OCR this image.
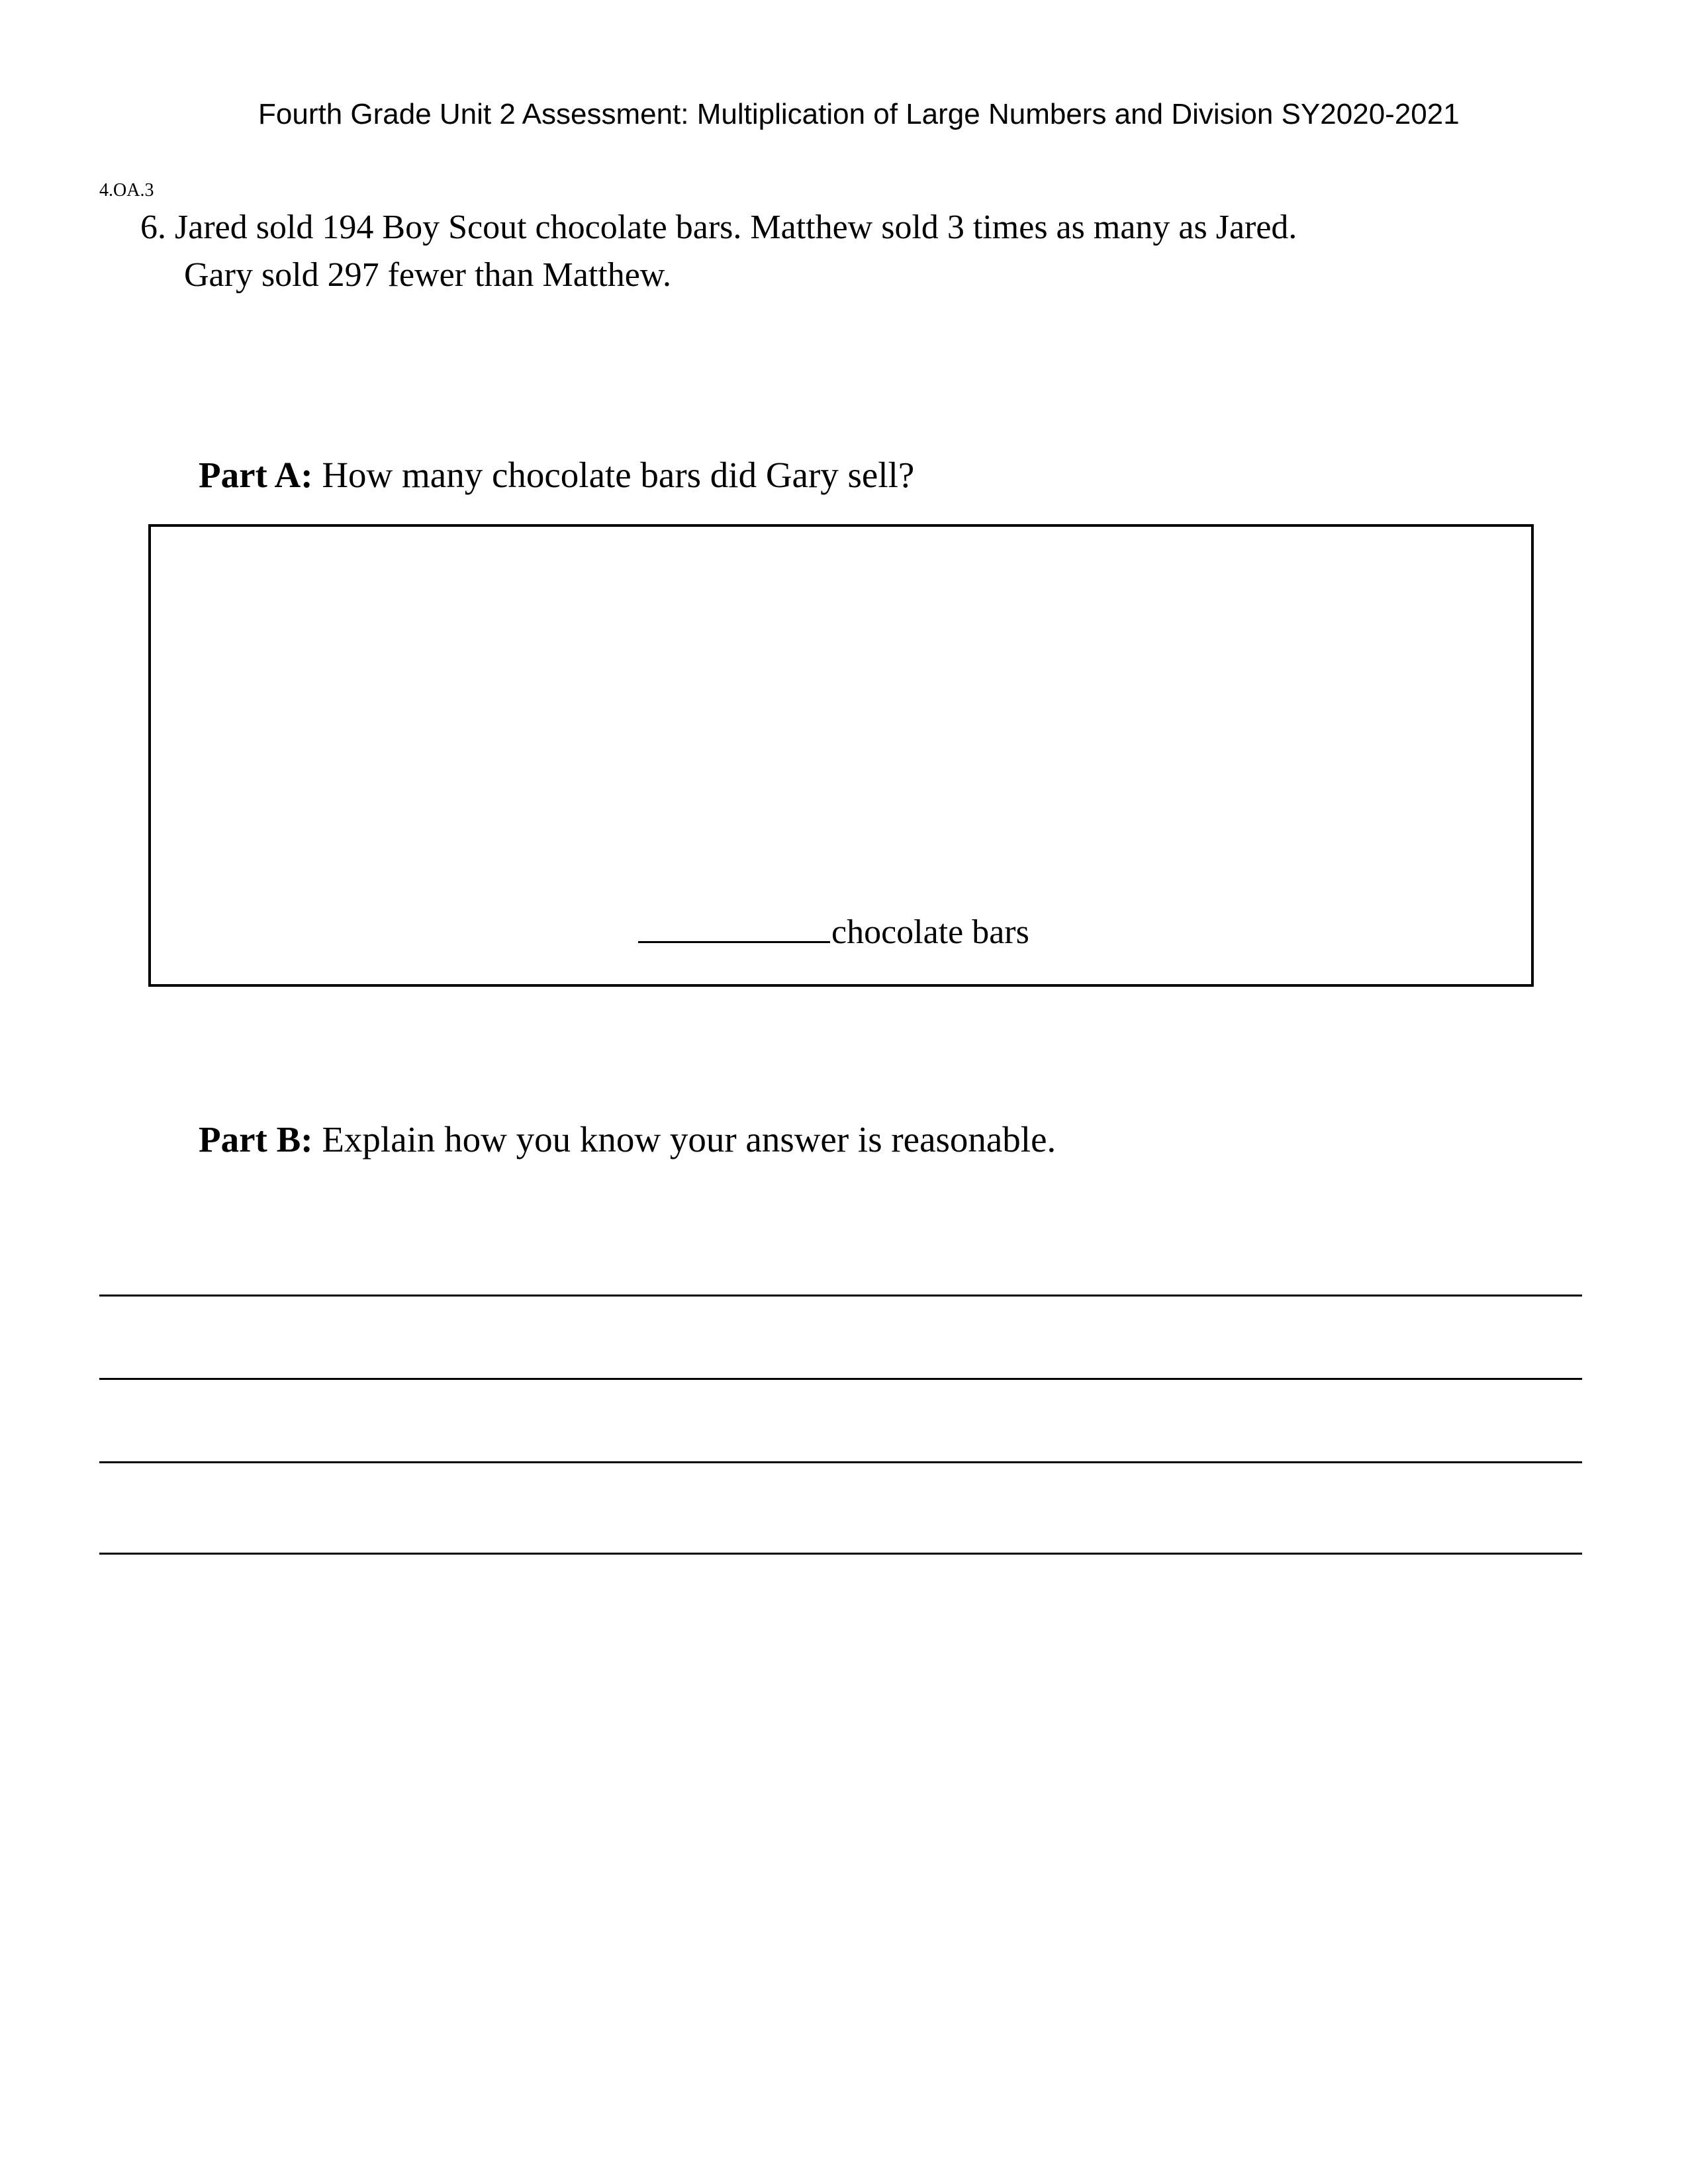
Fourth Grade Unit 2 Assessment: Multiplication of Large Numbers and Division SY2020-2021
4.OA.3
6. Jared sold 194 Boy Scout chocolate bars. Matthew sold 3 times as many as Jared.
Gary sold 297 fewer than Matthew.
Part A: How many chocolate bars did Gary sell?
chocolate bars
Part B: Explain how you know your answer is reasonable.
